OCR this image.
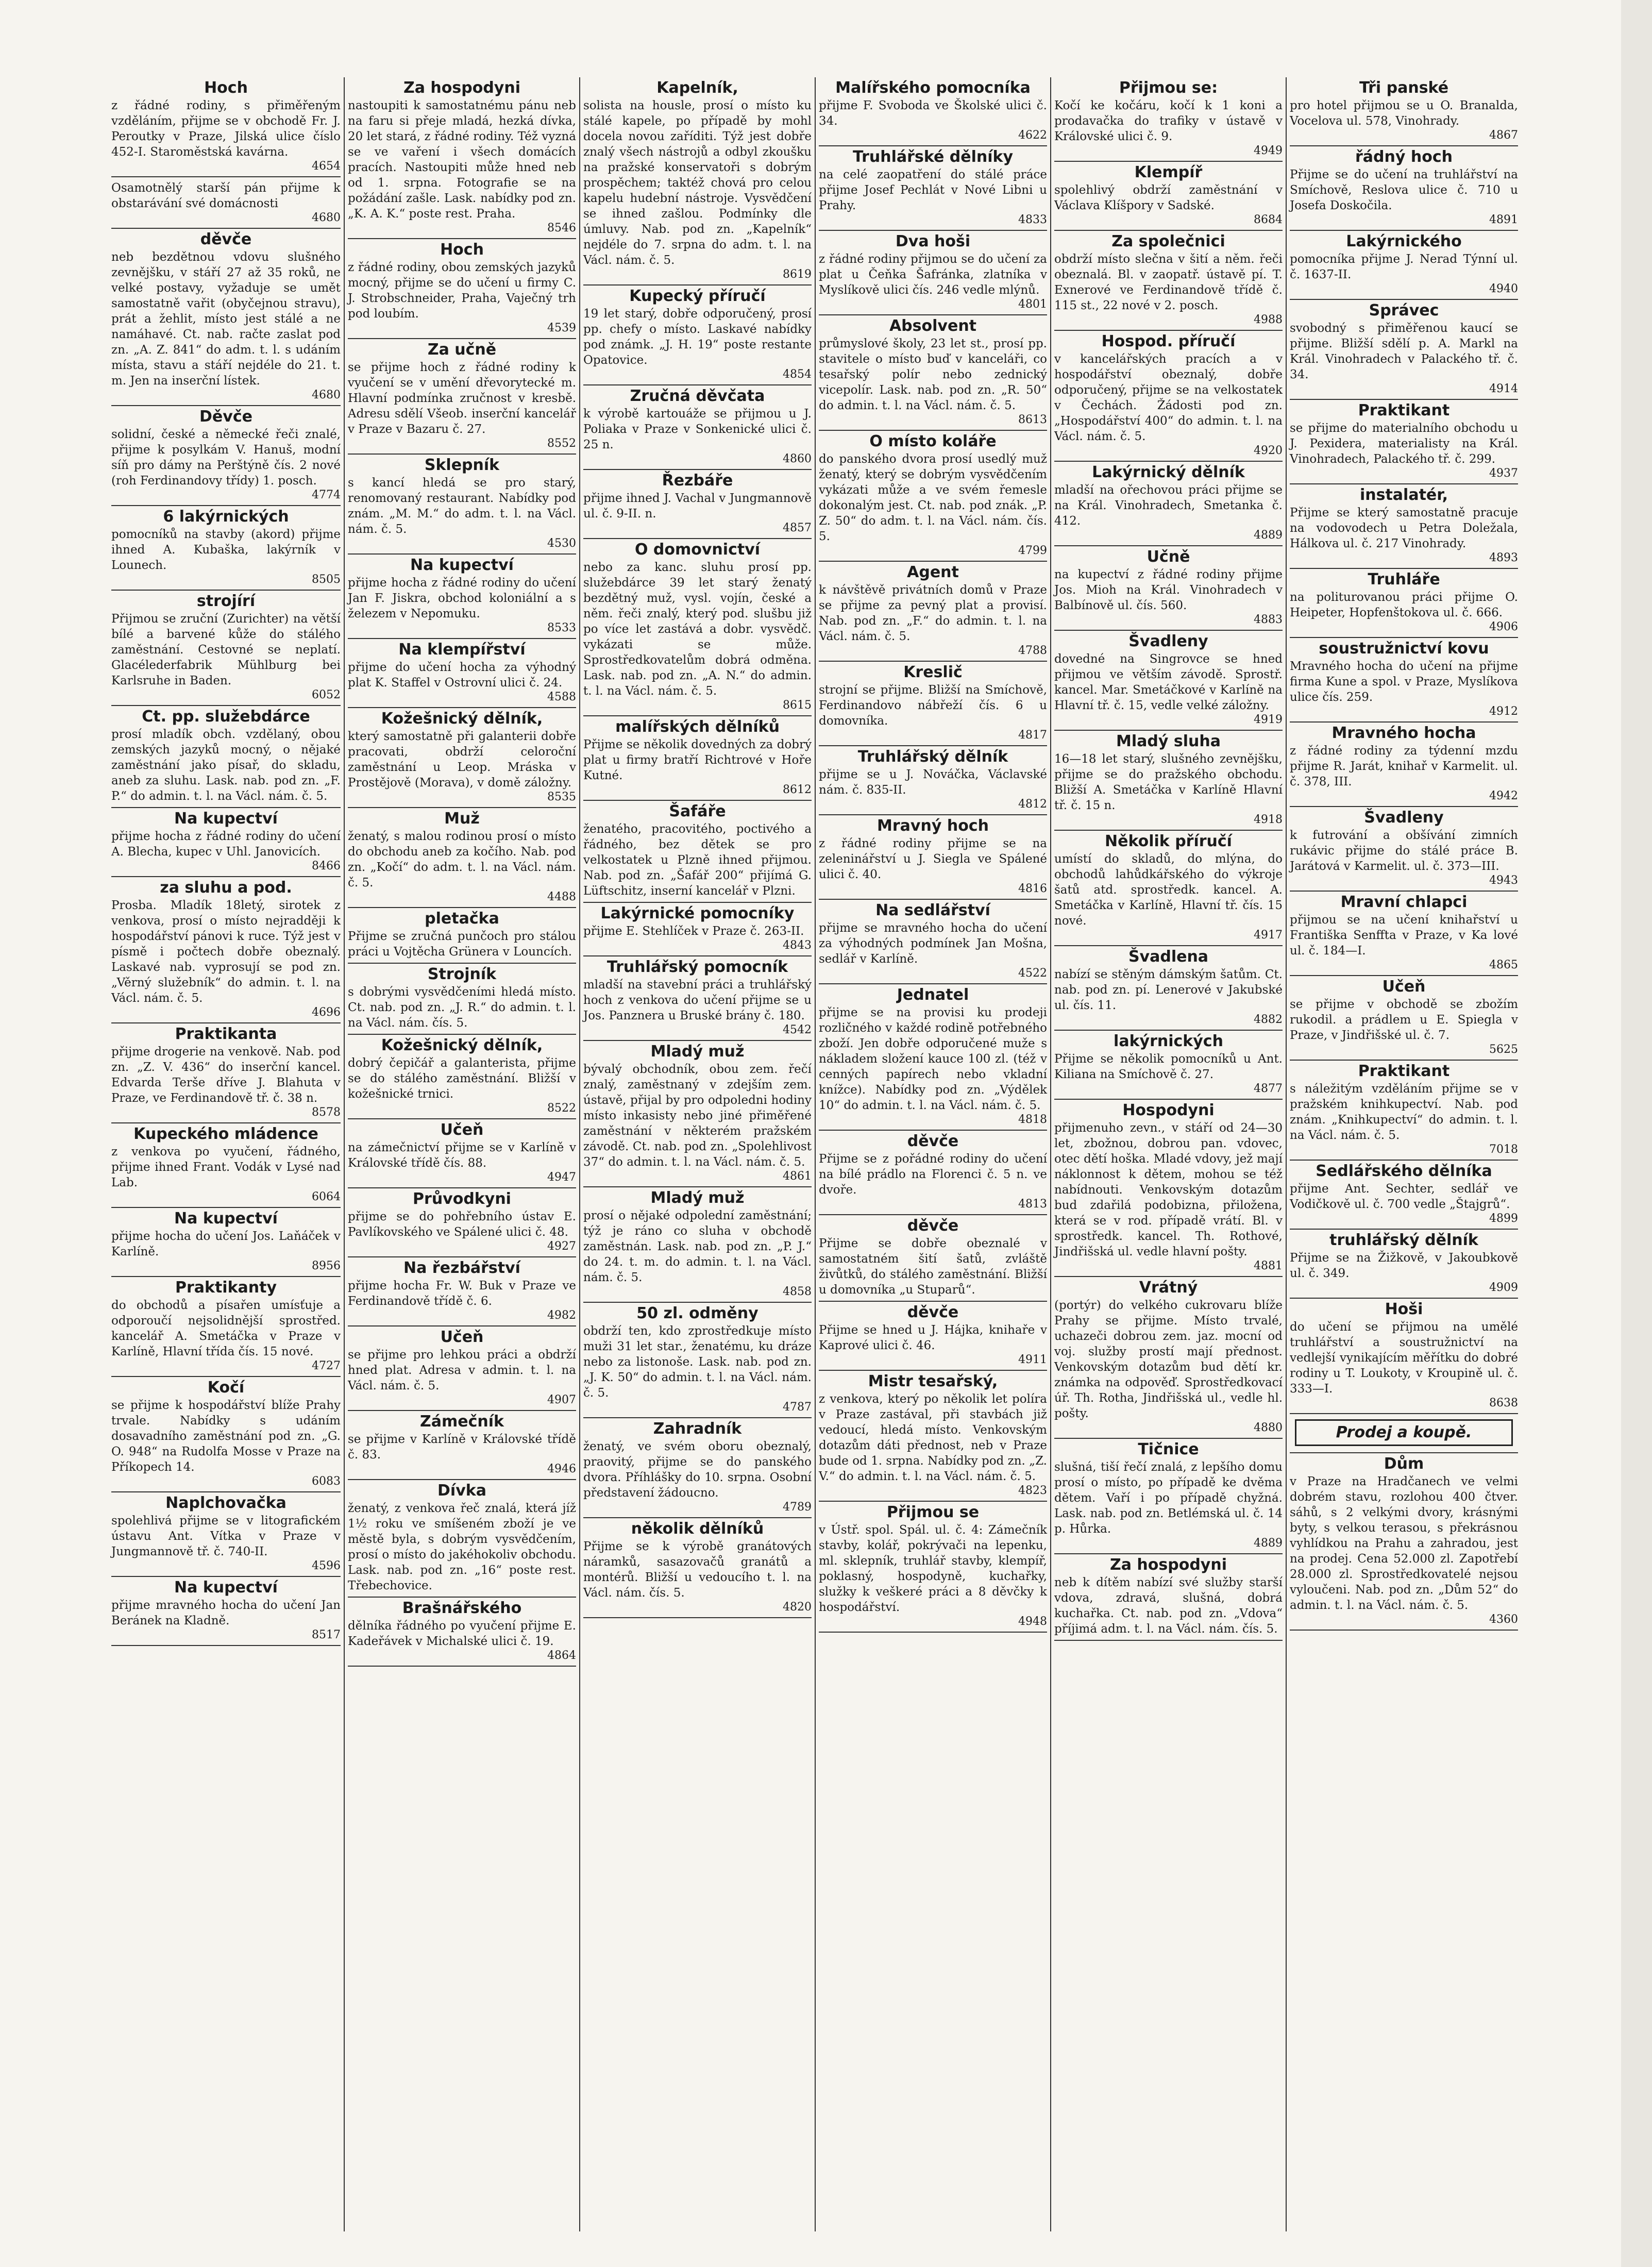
Hoch
z řádné rodiny, s přiměřeným vzděláním, přijme se v obchodě Fr. J. Peroutky v Praze, Jilská ulice číslo 452-I. Staroměstská kavárna.
4654
Osamotnělý starší pán přijme k obstarávání své domácnosti
4680
děvče
neb bezdětnou vdovu slušného zevnějšku, v stáří 27 až 35 roků, ne velké postavy, vyžaduje se umět samostatně vařit (obyčejnou stravu), prát a žehlit, místo jest stálé a ne namáhavé. Ct. nab. račte zaslat pod zn. „A. Z. 841“ do adm. t. l. s udáním místa, stavu a stáří nejdéle do 21. t. m. Jen na inserční lístek.
4680
Děvče
solidní, české a německé řeči znalé, přijme k posylkám V. Hanuš, modní síň pro dámy na Perštýně čís. 2 nové (roh Ferdinandovy třídy) 1. posch.
4774
6 lakýrnických
pomocníků na stavby (akord) přijme ihned A. Kubaška, lakýrník v Lounech.
8505
strojírí
Přijmou se zruční (Zurichter) na větší bílé a barvené kůže do stálého zaměstnání. Cestovné se neplatí. Glacélederfabrik Mühlburg bei Karlsruhe in Baden.
6052
Ct. pp. služebdárce
prosí mladík obch. vzdělaný, obou zemských jazyků mocný, o nějaké zaměstnání jako písař, do skladu, aneb za sluhu. Lask. nab. pod zn. „F. P.“ do admin. t. l. na Václ. nám. č. 5.
Na kupectví
přijme hocha z řádné rodiny do učení A. Blecha, kupec v Uhl. Janovicích.
8466
za sluhu a pod.
Prosba. Mladík 18letý, sirotek z venkova, prosí o místo nejradději k hospodářství pánovi k ruce. Týž jest v písmě i počtech dobře obeznalý. Laskavé nab. vyprosují se pod zn. „Věrný služebník“ do admin. t. l. na Václ. nám. č. 5.
4696
Praktikanta
přijme drogerie na venkově. Nab. pod zn. „Z. V. 436“ do inserční kancel. Edvarda Terše dříve J. Blahuta v Praze, ve Ferdinandově tř. č. 38 n.
8578
Kupeckého mládence
z venkova po vyučení, řádného, přijme ihned Frant. Vodák v Lysé nad Lab.
6064
Na kupectví
přijme hocha do učení Jos. Laňáček v Karlíně.
8956
Praktikanty
do obchodů a písařen umísťuje a odporoučí nejsolidnější sprostřed. kancelář A. Smetáčka v Praze v Karlíně, Hlavní třída čís. 15 nové.
4727
Kočí
se přijme k hospodářství blíže Prahy trvale. Nabídky s udáním dosavadního zaměstnání pod zn. „G. O. 948“ na Rudolfa Mosse v Praze na Příkopech 14.
6083
Naplchovačka
spolehlivá přijme se v litografickém ústavu Ant. Vítka v Praze v Jungmannově tř. č. 740-II.
4596
Na kupectví
přijme mravného hocha do učení Jan Beránek na Kladně.
8517
Za hospodyni
nastoupiti k samostatnému pánu neb na faru si přeje mladá, hezká dívka, 20 let stará, z řádné rodiny. Též vyzná se ve vaření i všech domácích pracích. Nastoupiti může hned neb od 1. srpna. Fotografie se na požádání zašle. Lask. nabídky pod zn. „K. A. K.“ poste rest. Praha.
8546
Hoch
z řádné rodiny, obou zemských jazyků mocný, přijme se do učení u firmy C. J. Strobschneider, Praha, Vaječný trh pod loubím.
4539
Za učně
se přijme hoch z řádné rodiny k vyučení se v umění dřevorytecké m. Hlavní podmínka zručnost v kresbě. Adresu sdělí Všeob. inserční kancelář v Praze v Bazaru č. 27.
8552
Sklepník
s kancí hledá se pro starý, renomovaný restaurant. Nabídky pod znám. „M. M.“ do adm. t. l. na Václ. nám. č. 5.
4530
Na kupectví
přijme hocha z řádné rodiny do učení Jan F. Jiskra, obchod koloniální a s železem v Nepomuku.
8533
Na klempířství
přijme do učení hocha za výhodný plat K. Staffel v Ostrovní ulici č. 24.
4588
Kožešnický dělník,
který samostatně při galanterii dobře pracovati, obdrží celoroční zaměstnání u Leop. Mráska v Prostějově (Morava), v domě záložny.
8535
Muž
ženatý, s malou rodinou prosí o místo do obchodu aneb za kočího. Nab. pod zn. „Kočí“ do adm. t. l. na Václ. nám. č. 5.
4488
pletačka
Přijme se zručná punčoch pro stálou práci u Vojtěcha Grünera v Louncích.
Strojník
s dobrými vysvědčeními hledá místo. Ct. nab. pod zn. „J. R.“ do admin. t. l. na Václ. nám. čís. 5.
Kožešnický dělník,
dobrý čepičář a galanterista, přijme se do stálého zaměstnání. Bližší v kožešnické trnici.
8522
Učeň
na zámečnictví přijme se v Karlíně v Královské třídě čís. 88.
4947
Průvodkyni
přijme se do pohřebního ústav E. Pavlíkovského ve Spálené ulici č. 48.
4927
Na řezbářství
přijme hocha Fr. W. Buk v Praze ve Ferdinandově třídě č. 6.
4982
Učeň
se přijme pro lehkou práci a obdrží hned plat. Adresa v admin. t. l. na Václ. nám. č. 5.
4907
Zámečník
se přijme v Karlíně v Královské třídě č. 83.
4946
Dívka
ženatý, z venkova řeč znalá, která jíž 1½ roku ve smíšeném zboží je ve městě byla, s dobrým vysvědčením, prosí o místo do jakéhokoliv obchodu. Lask. nab. pod zn. „16“ poste rest. Třebechovice.
Brašnářského
dělníka řádného po vyučení přijme E. Kadeřávek v Michalské ulici č. 19.
4864
Kapelník,
solista na housle, prosí o místo ku stálé kapele, po případě by mohl docela novou zaříditi. Týž jest dobře znalý všech nástrojů a odbyl zkoušku na pražské konservatoři s dobrým prospěchem; taktéž chová pro celou kapelu hudební nástroje. Vysvědčení se ihned zašlou. Podmínky dle úmluvy. Nab. pod zn. „Kapelník“ nejdéle do 7. srpna do adm. t. l. na Václ. nám. č. 5.
8619
Kupecký příručí
19 let starý, dobře odporučený, prosí pp. chefy o místo. Laskavé nabídky pod známk. „J. H. 19“ poste restante Opatovice.
4854
Zručná děvčata
k výrobě kartouáže se přijmou u J. Poliaka v Praze v Sonkenické ulici č. 25 n.
4860
Řezbáře
přijme ihned J. Vachal v Jungmannově ul. č. 9-II. n.
4857
O domovnictví
nebo za kanc. sluhu prosí pp. služebdárce 39 let starý ženatý bezdětný muž, vysl. vojín, české a něm. řeči znalý, který pod. slušbu již po více let zastává a dobr. vysvědč. vykázati se může. Sprostředkovatelům dobrá odměna. Lask. nab. pod zn. „A. N.“ do admin. t. l. na Václ. nám. č. 5.
8615
malířských dělníků
Přijme se několik dovedných za dobrý plat u firmy bratří Richtrové v Hoře Kutné.
8612
Šafáře
ženatého, pracovitého, poctivého a řádného, bez dětek se pro velkostatek u Plzně ihned přijmou. Nab. pod zn. „Šafář 200“ přijímá G. Lüftschitz, inserní kancelář v Plzni.
Lakýrnické pomocníky
přijme E. Stehlíček v Praze č. 263-II.
4843
Truhlářský pomocník
mladší na stavební práci a truhlářský hoch z venkova do učení přijme se u Jos. Panznera u Bruské brány č. 180.
4542
Mladý muž
bývalý obchodník, obou zem. řečí znalý, zaměstnaný v zdejším zem. ústavě, přijal by pro odpoledni hodiny místo inkasisty nebo jiné přiměřené zaměstnání v některém pražském závodě. Ct. nab. pod zn. „Spolehlivost 37“ do admin. t. l. na Václ. nám. č. 5.
4861
Mladý muž
prosí o nějaké odpolední zaměstnání; týž je ráno co sluha v obchodě zaměstnán. Lask. nab. pod zn. „P. J.“ do 24. t. m. do admin. t. l. na Václ. nám. č. 5.
4858
50 zl. odměny
obdrží ten, kdo zprostředkuje místo muži 31 let star., ženatému, ku dráze nebo za listonoše. Lask. nab. pod zn. „J. K. 50“ do admin. t. l. na Václ. nám. č. 5.
4787
Zahradník
ženatý, ve svém oboru obeznalý, praovitý, přijme se do panského dvora. Příhlášky do 10. srpna. Osobní představení žádoucno.
4789
několik dělníků
Přijme se k výrobě granátových náramků, sasazovačů granátů a montérů. Bližší u vedoucího t. l. na Václ. nám. čís. 5.
4820
Malířského pomocníka
přijme F. Svoboda ve Školské ulici č. 34.
4622
Truhlářské dělníky
na celé zaopatření do stálé práce přijme Josef Pechlát v Nové Libni u Prahy.
4833
Dva hoši
z řádné rodiny přijmou se do učení za plat u Čeňka Šafránka, zlatníka v Myslíkově ulici čís. 246 vedle mlýnů.
4801
Absolvent
průmyslové školy, 23 let st., prosí pp. stavitele o místo buď v kanceláři, co tesařský polír nebo zednický vicepolír. Lask. nab. pod zn. „R. 50“ do admin. t. l. na Václ. nám. č. 5.
8613
O místo koláře
do panského dvora prosí usedlý muž ženatý, který se dobrým vysvědčením vykázati může a ve svém řemesle dokonalým jest. Ct. nab. pod znák. „P. Z. 50“ do adm. t. l. na Václ. nám. čís. 5.
4799
Agent
k návštěvě privátních domů v Praze se přijme za pevný plat a provisí. Nab. pod zn. „F.“ do admin. t. l. na Václ. nám. č. 5.
4788
Kreslič
strojní se přijme. Bližší na Smíchově, Ferdinandovo nábřeží čís. 6 u domovníka.
4817
Truhlářský dělník
přijme se u J. Nováčka, Václavské nám. č. 835-II.
4812
Mravný hoch
z řádné rodiny přijme se na zeleninářství u J. Siegla ve Spálené ulici č. 40.
4816
Na sedlářství
přijme se mravného hocha do učení za výhodných podmínek Jan Mošna, sedlář v Karlíně.
4522
Jednatel
přijme se na provisi ku prodeji rozličného v každé rodině potřebného zboží. Jen dobře odporučené muže s nákladem složení kauce 100 zl. (též v cenných papírech nebo vkladní knížce). Nabídky pod zn. „Výdělek 10“ do admin. t. l. na Václ. nám. č. 5.
4818
děvče
Přijme se z pořádné rodiny do učení na bílé prádlo na Florenci č. 5 n. ve dvoře.
4813
děvče
Přijme se dobře obeznalé v samostatném šití šatů, zvláště živůtků, do stálého zaměstnání. Bližší u domovníka „u Stuparů“.
děvče
Přijme se hned u J. Hájka, knihaře v Kaprové ulici č. 46.
4911
Mistr tesařský,
z venkova, který po několik let políra v Praze zastával, při stavbách již vedoucí, hledá místo. Venkovským dotazům dáti přednost, neb v Praze bude od 1. srpna. Nabídky pod zn. „Z. V.“ do admin. t. l. na Václ. nám. č. 5.
4823
Přijmou se
v Ústř. spol. Spál. ul. č. 4: Zámečník stavby, kolář, pokrývači na lepenku, ml. sklepník, truhlář stavby, klempíř, poklasný, hospodyně, kuchařky, služky k veškeré práci a 8 děvčky k hospodářství.
4948
Přijmou se:
Kočí ke kočáru, kočí k 1 koni a prodavačka do trafiky v ústavě v Královské ulici č. 9.
4949
Klempíř
spolehlivý obdrží zaměstnání v Václava Klíšpory v Sadské.
8684
Za společnici
obdrží místo slečna v šití a něm. řeči obeznalá. Bl. v zaopatř. ústavě pí. T. Exnerové ve Ferdinandově třídě č. 115 st., 22 nové v 2. posch.
4988
Hospod. příručí
v kancelářských pracích a v hospodářství obeznalý, dobře odporučený, přijme se na velkostatek v Čechách. Žádosti pod zn. „Hospodářství 400“ do admin. t. l. na Václ. nám. č. 5.
4920
Lakýrnický dělník
mladší na ořechovou práci přijme se na Král. Vinohradech, Smetanka č. 412.
4889
Učně
na kupectví z řádné rodiny přijme Jos. Mioh na Král. Vinohradech v Balbínově ul. čís. 560.
4883
Švadleny
dovedné na Singrovce se hned přijmou ve větším závodě. Sprostř. kancel. Mar. Smetáčkové v Karlíně na Hlavní tř. č. 15, vedle velké záložny.
4919
Mladý sluha
16—18 let starý, slušného zevnějšku, přijme se do pražského obchodu. Bližší A. Smetáčka v Karlíně Hlavní tř. č. 15 n.
4918
Několik příručí
umístí do skladů, do mlýna, do obchodů lahůdkářského do výkroje šatů atd. sprostředk. kancel. A. Smetáčka v Karlíně, Hlavní tř. čís. 15 nové.
4917
Švadlena
nabízí se stěným dámským šatům. Ct. nab. pod zn. pí. Lenerové v Jakubské ul. čís. 11.
4882
lakýrnických
Přijme se několik pomocníků u Ant. Kiliana na Smíchově č. 27.
4877
Hospodyni
přijmenuho zevn., v stáří od 24—30 let, zbožnou, dobrou pan. vdovec, otec dětí hoška. Mladé vdovy, jež mají náklonnost k dětem, mohou se též nabídnouti. Venkovským dotazům bud zdařilá podobizna, přiložena, která se v rod. případě vrátí. Bl. v sprostředk. kancel. Th. Rothové, Jindřišská ul. vedle hlavní pošty.
4881
Vrátný
(portýr) do velkého cukrovaru blíže Prahy se přijme. Místo trvalé, uchazeči dobrou zem. jaz. mocní od voj. služby prostí mají přednost. Venkovským dotazům bud dětí kr. známka na odpověď. Sprostředkovací úř. Th. Rotha, Jindřišská ul., vedle hl. pošty.
4880
Tičnice
slušná, tiší řečí znalá, z lepšího domu prosí o místo, po případě ke dvěma dětem. Vaří i po případě chyžná. Lask. nab. pod zn. Betlémská ul. č. 14 p. Hůrka.
4889
Za hospodyni
neb k dítěm nabízí své služby starší vdova, zdravá, slušná, dobrá kuchařka. Ct. nab. pod zn. „Vdova“ příjimá adm. t. l. na Václ. nám. čís. 5.
Tři panské
pro hotel přijmou se u O. Branalda, Vocelova ul. 578, Vinohrady.
4867
řádný hoch
Přijme se do učení na truhlářství na Smíchově, Reslova ulice č. 710 u Josefa Doskočila.
4891
Lakýrnického
pomocníka přijme J. Nerad Týnní ul. č. 1637-II.
4940
Správec
svobodný s přiměřenou kaucí se přijme. Bližší sdělí p. A. Markl na Král. Vinohradech v Palackého tř. č. 34.
4914
Praktikant
se přijme do materialního obchodu u J. Pexidera, materialisty na Král. Vinohradech, Palackého tř. č. 299.
4937
instalatér,
Přijme se který samostatně pracuje na vodovodech u Petra Doležala, Hálkova ul. č. 217 Vinohrady.
4893
Truhláře
na politurovanou práci přijme O. Heipeter, Hopfenštokova ul. č. 666.
4906
soustružnictví kovu
Mravného hocha do učení na přijme firma Kune a spol. v Praze, Myslíkova ulice čís. 259.
4912
Mravného hocha
z řádné rodiny za týdenní mzdu přijme R. Jarát, knihař v Karmelit. ul. č. 378, III.
4942
Švadleny
k futrování a obšívání zimních rukávic přijme do stálé práce B. Jarátová v Karmelit. ul. č. 373—III.
4943
Mravní chlapci
přijmou se na učení knihařství u Františka Senffta v Praze, v Ka lové ul. č. 184—I.
4865
Učeň
se přijme v obchodě se zbožím rukodil. a prádlem u E. Spiegla v Praze, v Jindřišské ul. č. 7.
5625
Praktikant
s náležitým vzděláním přijme se v pražském knihkupectví. Nab. pod znám. „Knihkupectví“ do admin. t. l. na Václ. nám. č. 5.
7018
Sedlářského dělníka
přijme Ant. Sechter, sedlář ve Vodičkově ul. č. 700 vedle „Štajgrů“.
4899
truhlářský dělník
Přijme se na Žižkově, v Jakoubkově ul. č. 349.
4909
Hoši
do učení se přijmou na umělé truhlářství a soustružnictví na vedlejší vynikajícím měřítku do dobré rodiny u T. Loukoty, v Kroupině ul. č. 333—I.
8638
Prodej a koupě.
Dům
v Praze na Hradčanech ve velmi dobrém stavu, rozlohou 400 čtver. sáhů, s 2 velkými dvory, krásnými byty, s velkou terasou, s překrásnou vyhlídkou na Prahu a zahradou, jest na prodej. Cena 52.000 zl. Zapotřebí 28.000 zl. Sprostředkovatelé nejsou vyloučeni. Nab. pod zn. „Dům 52“ do admin. t. l. na Václ. nám. č. 5.
4360
